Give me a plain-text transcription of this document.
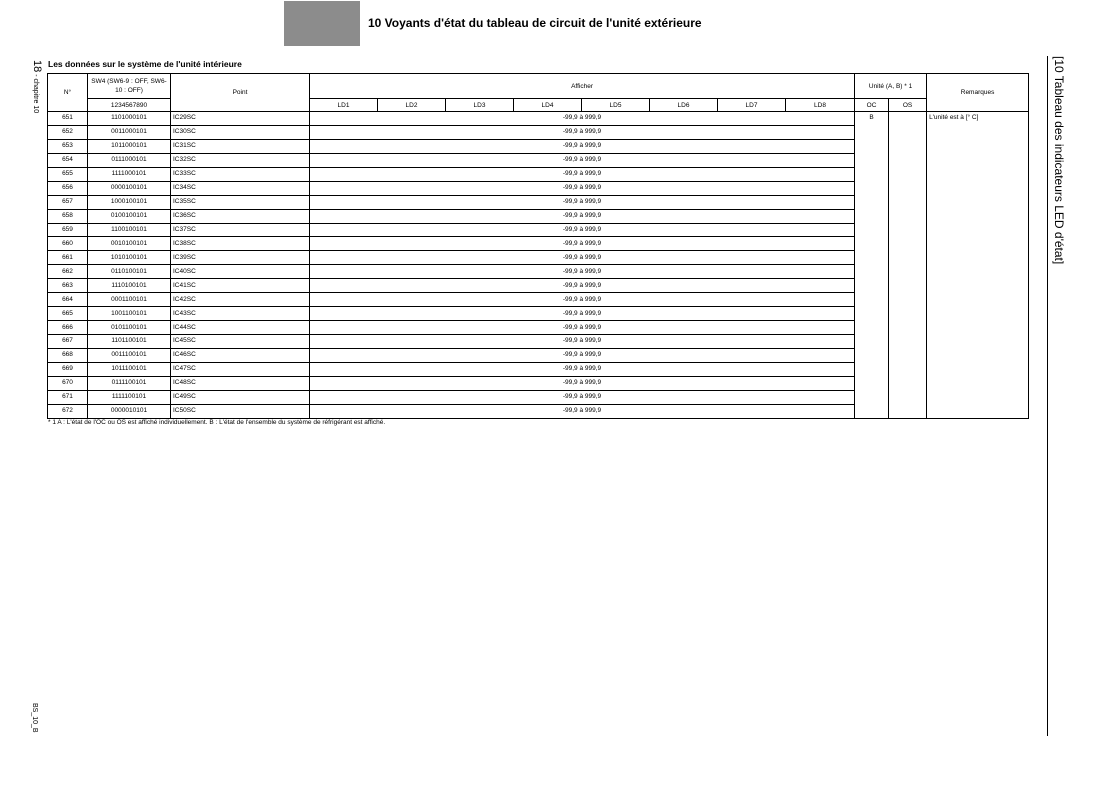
10 Voyants d'état du tableau de circuit de l'unité extérieure
18 - chapitre 10
BS_10_B
[10 Tableau des indicateurs LED d'état]
Les données sur le système de l'unité intérieure
N°	SW4 (SW6-9 : OFF, SW6-10 : OFF)	Point	Afficher								Unité (A, B) * 1		Remarques
	1234567890		LD1	LD2	LD3	LD4	LD5	LD6	LD7	LD8	OC	OS	
651	1101000101	IC29SC	-99,9 à 999,9								B		L'unité est à [° C]
652	0011000101	IC30SC	-99,9 à 999,9										
653	1011000101	IC31SC	-99,9 à 999,9										
654	0111000101	IC32SC	-99,9 à 999,9										
655	1111000101	IC33SC	-99,9 à 999,9										
656	0000100101	IC34SC	-99,9 à 999,9										
657	1000100101	IC35SC	-99,9 à 999,9										
658	0100100101	IC36SC	-99,9 à 999,9										
659	1100100101	IC37SC	-99,9 à 999,9										
660	0010100101	IC38SC	-99,9 à 999,9										
661	1010100101	IC39SC	-99,9 à 999,9										
662	0110100101	IC40SC	-99,9 à 999,9										
663	1110100101	IC41SC	-99,9 à 999,9										
664	0001100101	IC42SC	-99,9 à 999,9										
665	1001100101	IC43SC	-99,9 à 999,9										
666	0101100101	IC44SC	-99,9 à 999,9										
667	1101100101	IC45SC	-99,9 à 999,9										
668	0011100101	IC46SC	-99,9 à 999,9										
669	1011100101	IC47SC	-99,9 à 999,9										
670	0111100101	IC48SC	-99,9 à 999,9										
671	1111100101	IC49SC	-99,9 à 999,9										
672	0000010101	IC50SC	-99,9 à 999,9										
* 1 A : L'état de l'OC ou OS est affiché individuellement. B : L'état de l'ensemble du système de réfrigérant est affiché.
